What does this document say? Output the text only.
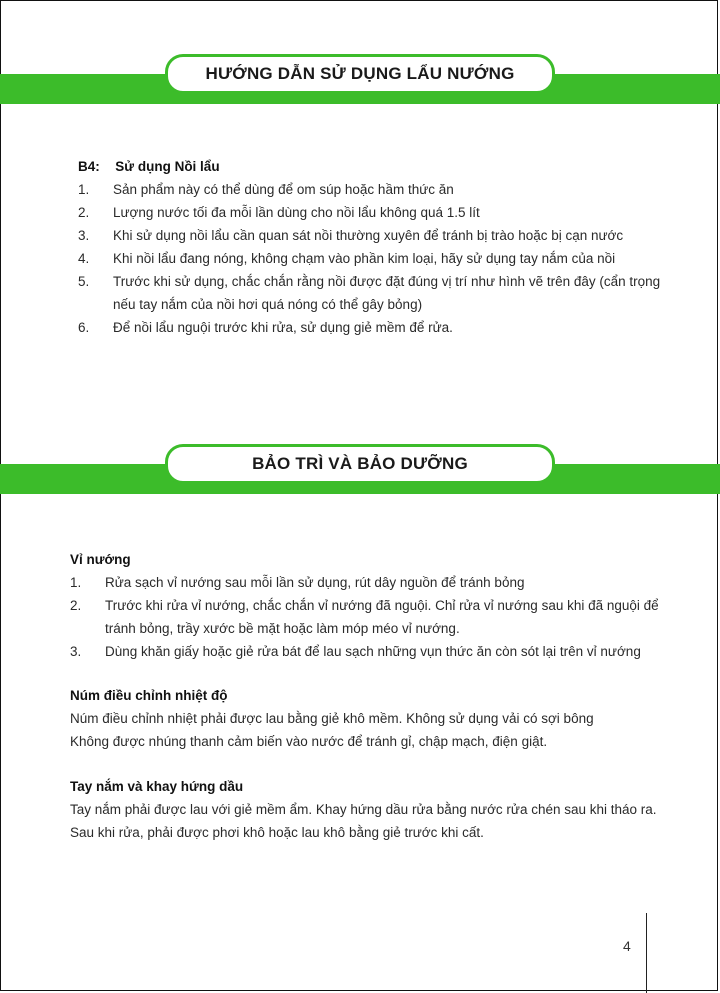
HƯỚNG DẪN SỬ DỤNG LẨU NƯỚNG
B4: Sử dụng Nồi lẩu
1.	Sản phẩm này có thể dùng để om súp hoặc hầm thức ăn
2.	Lượng nước tối đa mỗi lần dùng cho nồi lẩu không quá 1.5 lít
3.	Khi sử dụng nồi lẩu cần quan sát nồi thường xuyên để tránh bị trào hoặc bị cạn nước
4.	Khi nồi lẩu đang nóng, không chạm vào phần kim loại, hãy sử dụng tay nắm của nồi
5.	Trước khi sử dụng, chắc chắn rằng nồi được đặt đúng vị trí như hình vẽ trên đây (cẩn trọng nếu tay nắm của nồi hơi quá nóng có thể gây bỏng)
6.	Để nồi lẩu nguội trước khi rửa, sử dụng giẻ mềm để rửa.
BẢO TRÌ VÀ BẢO DƯỠNG
Vỉ nướng
1.	Rửa sạch vỉ nướng sau mỗi lần sử dụng, rút dây nguồn để tránh bỏng
2.	Trước khi rửa vỉ nướng, chắc chắn vỉ nướng đã nguội. Chỉ rửa vỉ nướng sau khi đã nguội để tránh bỏng, trầy xước bề mặt hoặc làm móp méo vỉ nướng.
3.	Dùng khăn giấy hoặc giẻ rửa bát để lau sạch những vụn thức ăn còn sót lại trên vỉ nướng
Núm điều chỉnh nhiệt độ
Núm điều chỉnh nhiệt phải được lau bằng giẻ khô mềm. Không sử dụng vải có sợi bông
Không được nhúng thanh cảm biến vào nước để tránh gỉ, chập mạch, điện giật.
Tay nắm và khay hứng dầu
Tay nắm phải được lau với giẻ mềm ẩm. Khay hứng dầu rửa bằng nước rửa chén sau khi tháo ra. Sau khi rửa, phải được phơi khô hoặc lau khô bằng giẻ trước khi cất.
4
